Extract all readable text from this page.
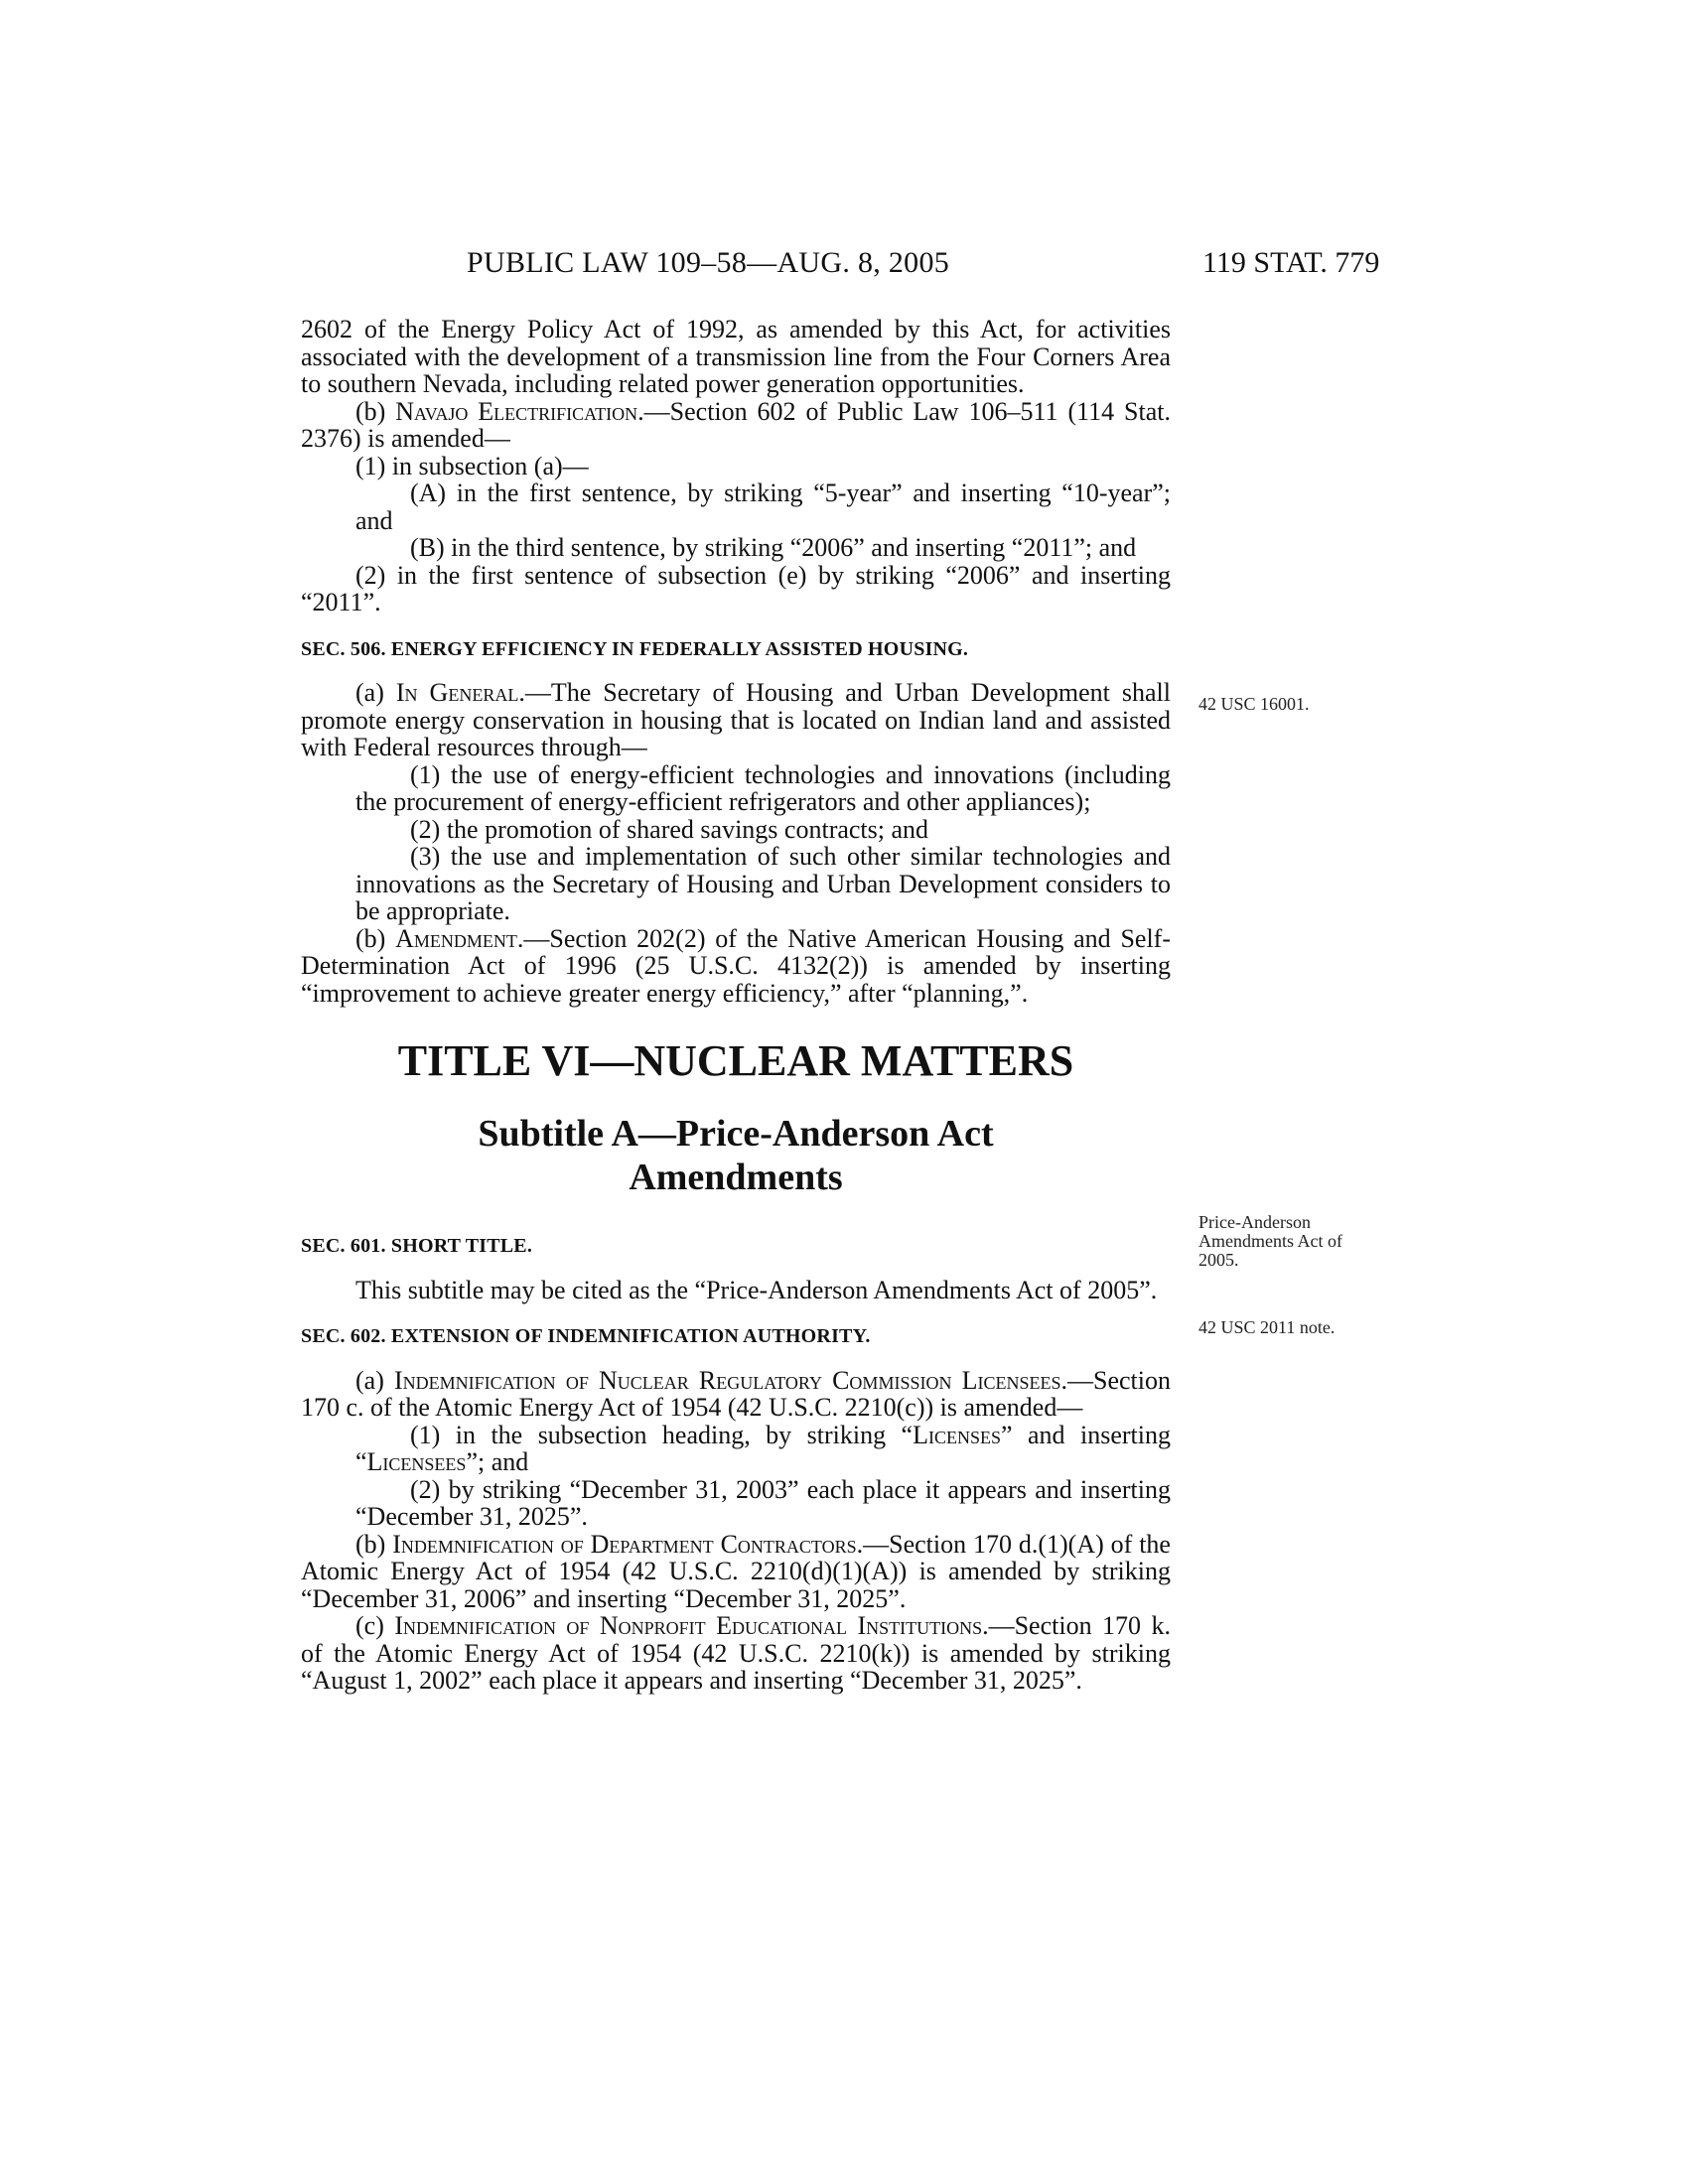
PUBLIC LAW 109–58—AUG. 8, 2005	119 STAT. 779

2602 of the Energy Policy Act of 1992, as amended by this Act, for activities associated with the development of a transmission line from the Four Corners Area to southern Nevada, including related power generation opportunities.

(b) Navajo Electrification.—Section 602 of Public Law 106–511 (114 Stat. 2376) is amended—

(1) in subsection (a)—

(A) in the first sentence, by striking “5-year” and inserting “10-year”; and

(B) in the third sentence, by striking “2006” and inserting “2011”; and

(2) in the first sentence of subsection (e) by striking “2006” and inserting “2011”.

SEC. 506. ENERGY EFFICIENCY IN FEDERALLY ASSISTED HOUSING.

(a) In General.—The Secretary of Housing and Urban Development shall promote energy conservation in housing that is located on Indian land and assisted with Federal resources through—

(1) the use of energy-efficient technologies and innovations (including the procurement of energy-efficient refrigerators and other appliances);

(2) the promotion of shared savings contracts; and

(3) the use and implementation of such other similar technologies and innovations as the Secretary of Housing and Urban Development considers to be appropriate.

(b) Amendment.—Section 202(2) of the Native American Housing and Self-Determination Act of 1996 (25 U.S.C. 4132(2)) is amended by inserting “improvement to achieve greater energy efficiency,” after “planning,”.

TITLE VI—NUCLEAR MATTERS

Subtitle A—Price-Anderson Act
Amendments

SEC. 601. SHORT TITLE.

This subtitle may be cited as the “Price-Anderson Amendments Act of 2005”.

SEC. 602. EXTENSION OF INDEMNIFICATION AUTHORITY.

(a) Indemnification of Nuclear Regulatory Commission Licensees.—Section 170 c. of the Atomic Energy Act of 1954 (42 U.S.C. 2210(c)) is amended—

(1) in the subsection heading, by striking “Licenses” and inserting “Licensees”; and

(2) by striking “December 31, 2003” each place it appears and inserting “December 31, 2025”.

(b) Indemnification of Department Contractors.—Section 170 d.(1)(A) of the Atomic Energy Act of 1954 (42 U.S.C. 2210(d)(1)(A)) is amended by striking “December 31, 2006” and inserting “December 31, 2025”.

(c) Indemnification of Nonprofit Educational Institutions.—Section 170 k. of the Atomic Energy Act of 1954 (42 U.S.C. 2210(k)) is amended by striking “August 1, 2002” each place it appears and inserting “December 31, 2025”.

42 USC 16001.
Price-Anderson Amendments Act of 2005.
42 USC 2011 note.
